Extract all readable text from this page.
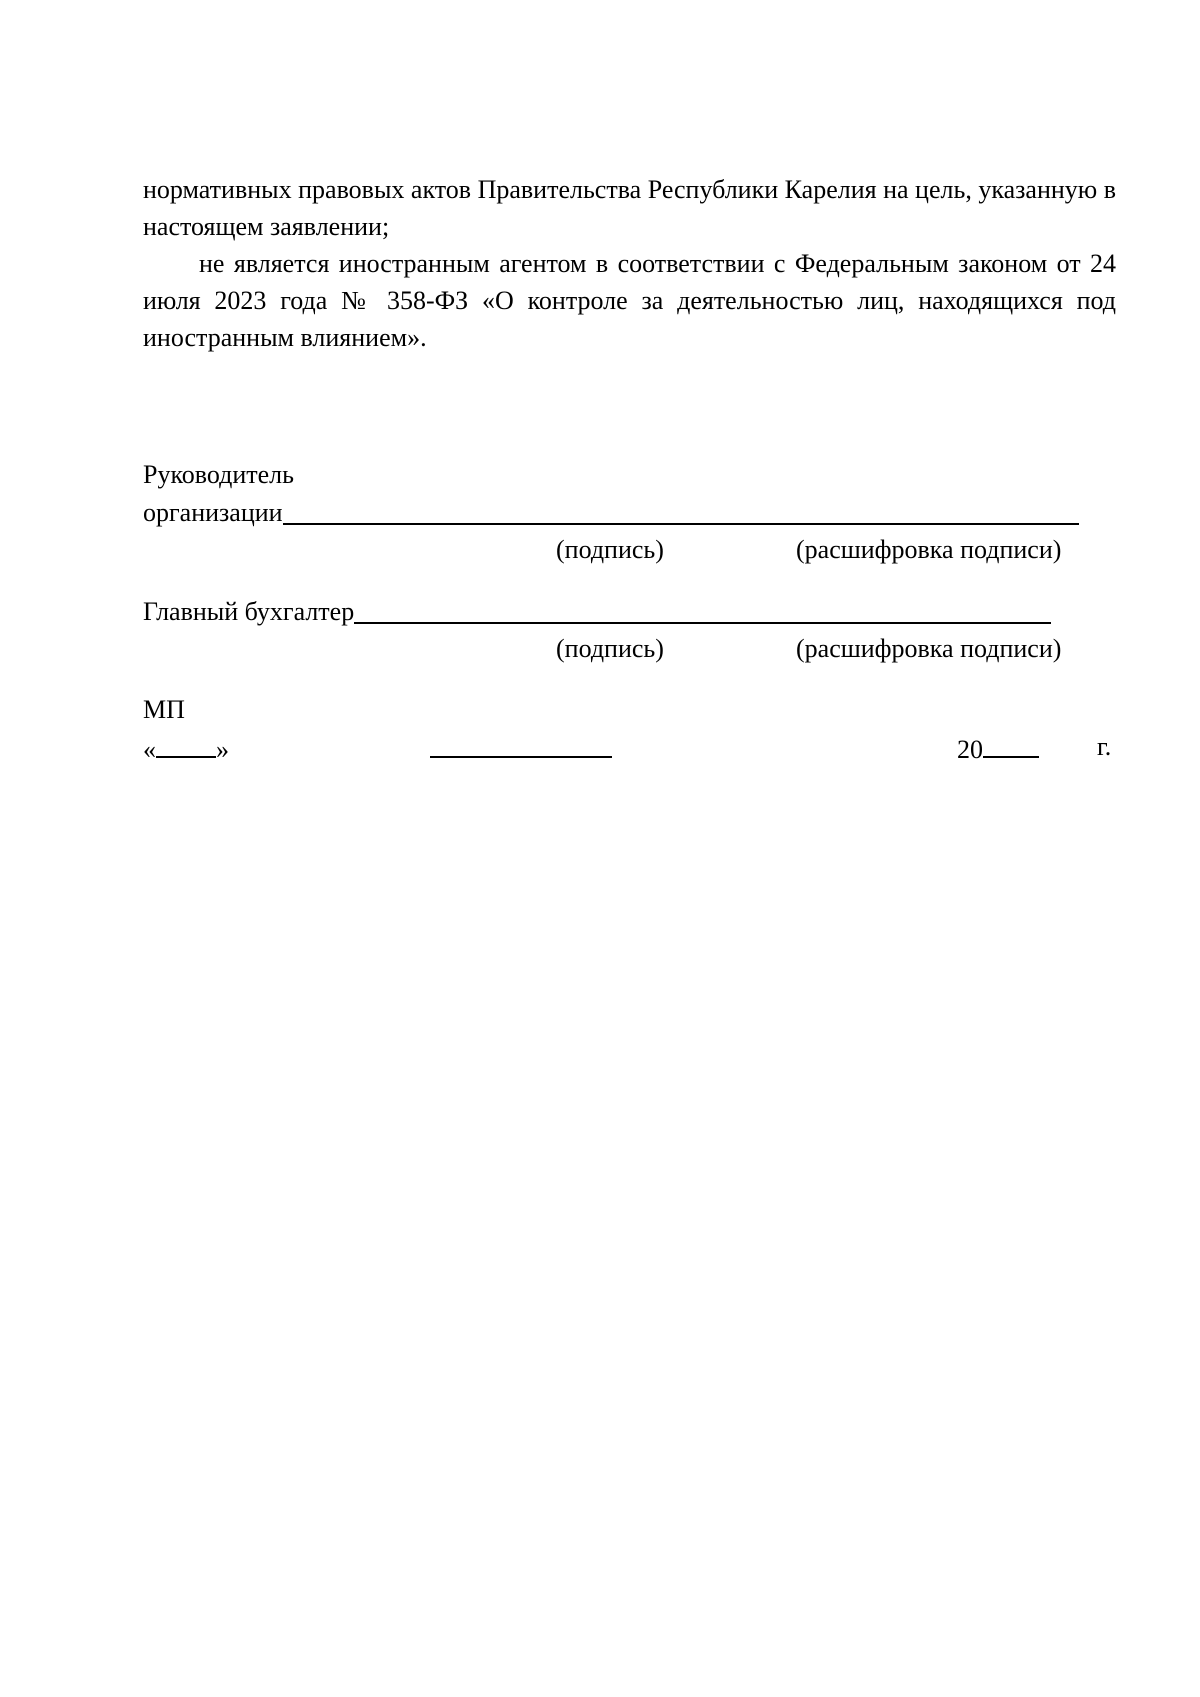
нормативных правовых актов Правительства Республики Карелия на цель, указанную в настоящем заявлении;

не является иностранным агентом в соответствии с Федеральным законом от 24 июля 2023 года № 358-ФЗ «О контроле за деятельностью лиц, находящихся под иностранным влиянием».

Руководитель
организации
(подпись)	(расшифровка подписи)
Главный бухгалтер
(подпись)	(расшифровка подписи)
МП
« »	20	г.
